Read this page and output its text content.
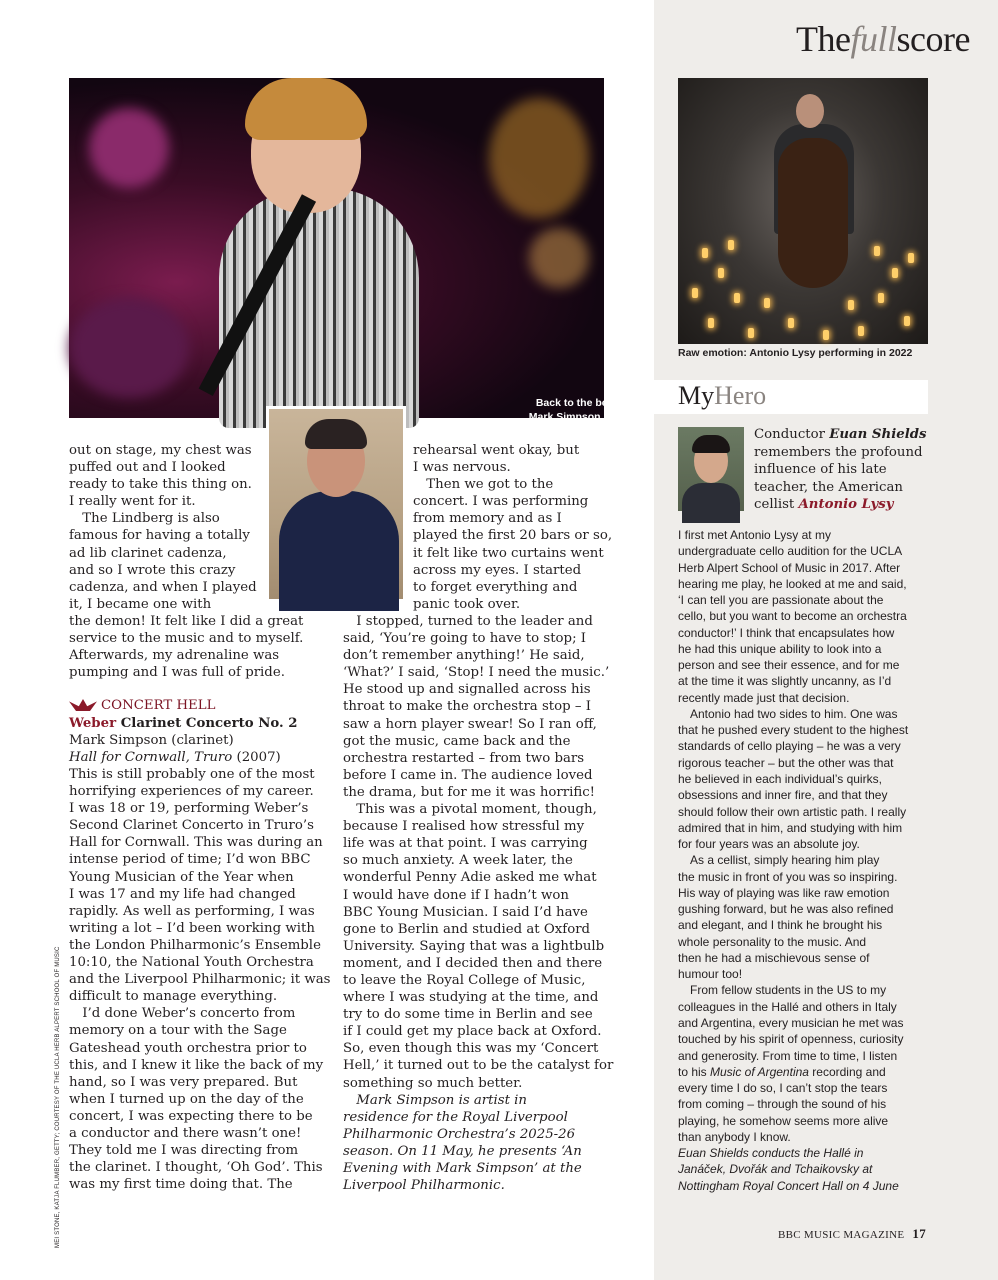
Thefullscore
Back to the beginning:
Mark Simpson performs
early in his career, 2007;
(below) Juanjo Mena, who
conducted his triumphant
BBC Proms appearance
Raw emotion: Antonio Lysy performing in 2022
out on stage, my chest was
puffed out and I looked
ready to take this thing on.
I really went for it.
 The Lindberg is also
famous for having a totally
ad lib clarinet cadenza,
and so I wrote this crazy
cadenza, and when I played
it, I became one with
the demon! It felt like I did a great
service to the music and to myself.
Afterwards, my adrenaline was
pumping and I was full of pride.
CONCERT HELL
Weber Clarinet Concerto No. 2
Mark Simpson (clarinet)
Hall for Cornwall, Truro (2007)
This is still probably one of the most
horrifying experiences of my career.
I was 18 or 19, performing Weber’s
Second Clarinet Concerto in Truro’s
Hall for Cornwall. This was during an
intense period of time; I’d won BBC
Young Musician of the Year when
I was 17 and my life had changed
rapidly. As well as performing, I was
writing a lot – I’d been working with
the London Philharmonic’s Ensemble
10:10, the National Youth Orchestra
and the Liverpool Philharmonic; it was
difficult to manage everything.
 I’d done Weber’s concerto from
memory on a tour with the Sage
Gateshead youth orchestra prior to
this, and I knew it like the back of my
hand, so I was very prepared. But
when I turned up on the day of the
concert, I was expecting there to be
a conductor and there wasn’t one!
They told me I was directing from
the clarinet. I thought, ‘Oh God’. This
was my first time doing that. The
rehearsal went okay, but
I was nervous.
 Then we got to the
concert. I was performing
from memory and as I
played the first 20 bars or so,
it felt like two curtains went
across my eyes. I started
to forget everything and
panic took over.
 I stopped, turned to the leader and
said, ‘You’re going to have to stop; I
don’t remember anything!’ He said,
‘What?’ I said, ‘Stop! I need the music.’
He stood up and signalled across his
throat to make the orchestra stop – I
saw a horn player swear! So I ran off,
got the music, came back and the
orchestra restarted – from two bars
before I came in. The audience loved
the drama, but for me it was horrific!
 This was a pivotal moment, though,
because I realised how stressful my
life was at that point. I was carrying
so much anxiety. A week later, the
wonderful Penny Adie asked me what
I would have done if I hadn’t won
BBC Young Musician. I said I’d have
gone to Berlin and studied at Oxford
University. Saying that was a lightbulb
moment, and I decided then and there
to leave the Royal College of Music,
where I was studying at the time, and
try to do some time in Berlin and see
if I could get my place back at Oxford.
So, even though this was my ‘Concert
Hell,’ it turned out to be the catalyst for
something so much better.
 Mark Simpson is artist in
residence for the Royal Liverpool
Philharmonic Orchestra’s 2025-26
season. On 11 May, he presents ‘An
Evening with Mark Simpson’ at the
Liverpool Philharmonic.
MyHero
Conductor Euan Shields
remembers the profound
influence of his late
teacher, the American
cellist Antonio Lysy
I first met Antonio Lysy at my
undergraduate cello audition for the UCLA
Herb Alpert School of Music in 2017. After
hearing me play, he looked at me and said,
‘I can tell you are passionate about the
cello, but you want to become an orchestra
conductor!’ I think that encapsulates how
he had this unique ability to look into a
person and see their essence, and for me
at the time it was slightly uncanny, as I’d
recently made just that decision.
 Antonio had two sides to him. One was
that he pushed every student to the highest
standards of cello playing – he was a very
rigorous teacher – but the other was that
he believed in each individual’s quirks,
obsessions and inner fire, and that they
should follow their own artistic path. I really
admired that in him, and studying with him
for four years was an absolute joy.
 As a cellist, simply hearing him play
the music in front of you was so inspiring.
His way of playing was like raw emotion
gushing forward, but he was also refined
and elegant, and I think he brought his
whole personality to the music. And
then he had a mischievous sense of
humour too!
 From fellow students in the US to my
colleagues in the Hallé and others in Italy
and Argentina, every musician he met was
touched by his spirit of openness, curiosity
and generosity. From time to time, I listen
to his Music of Argentina recording and
every time I do so, I can’t stop the tears
from coming – through the sound of his
playing, he somehow seems more alive
than anybody I know.
Euan Shields conducts the Hallé in
Janáček, Dvořák and Tchaikovsky at
Nottingham Royal Concert Hall on 4 June
MEI STONE, KATJA FLUMBER, GETTY; COURTESY OF THE UCLA HERB ALPERT SCHOOL OF MUSIC	BBC MUSIC MAGAZINE 17
